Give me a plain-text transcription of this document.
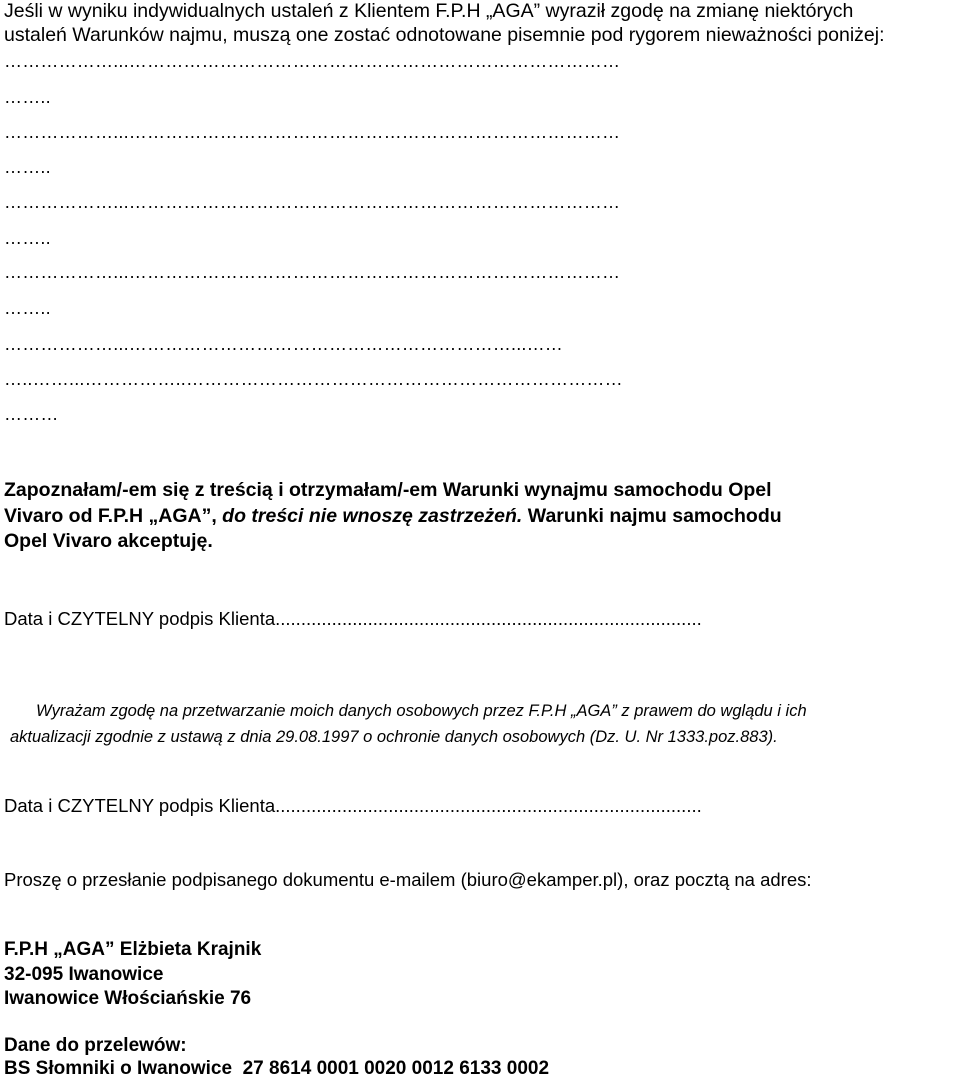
Jeśli w wyniku indywidualnych ustaleń z Klientem F.P.H „AGA” wyraził zgodę na zmianę niektórych
ustaleń Warunków najmu, muszą one zostać odnotowane pisemnie pod rygorem nieważności poniżej:
………………...………………………………………………………………………
……..
………………...………………………………………………………………………
……..
………………...………………………………………………………………………
……..
………………...………………………………………………………………………
……..
………………...………………………………………………………...……
…..……...……………..………………………………………………………………
………
Zapoznałam/-em się z treścią i otrzymałam/-em Warunki wynajmu samochodu Opel
Vivaro od F.P.H „AGA”, do treści nie wnoszę zastrzeżeń. Warunki najmu samochodu
Opel Vivaro akceptuję.
Data i CZYTELNY podpis Klienta...................................................................................
Wyrażam zgodę na przetwarzanie moich danych osobowych przez F.P.H „AGA” z prawem do wglądu i ich
aktualizacji zgodnie z ustawą z dnia 29.08.1997 o ochronie danych osobowych (Dz. U. Nr 1333.poz.883).
Data i CZYTELNY podpis Klienta...................................................................................
Proszę o przesłanie podpisanego dokumentu e-mailem (biuro@ekamper.pl), oraz pocztą na adres:
F.P.H „AGA” Elżbieta Krajnik
32-095 Iwanowice
Iwanowice Włościańskie 76
Dane do przelewów:
BS Słomniki o Iwanowice  27 8614 0001 0020 0012 6133 0002
